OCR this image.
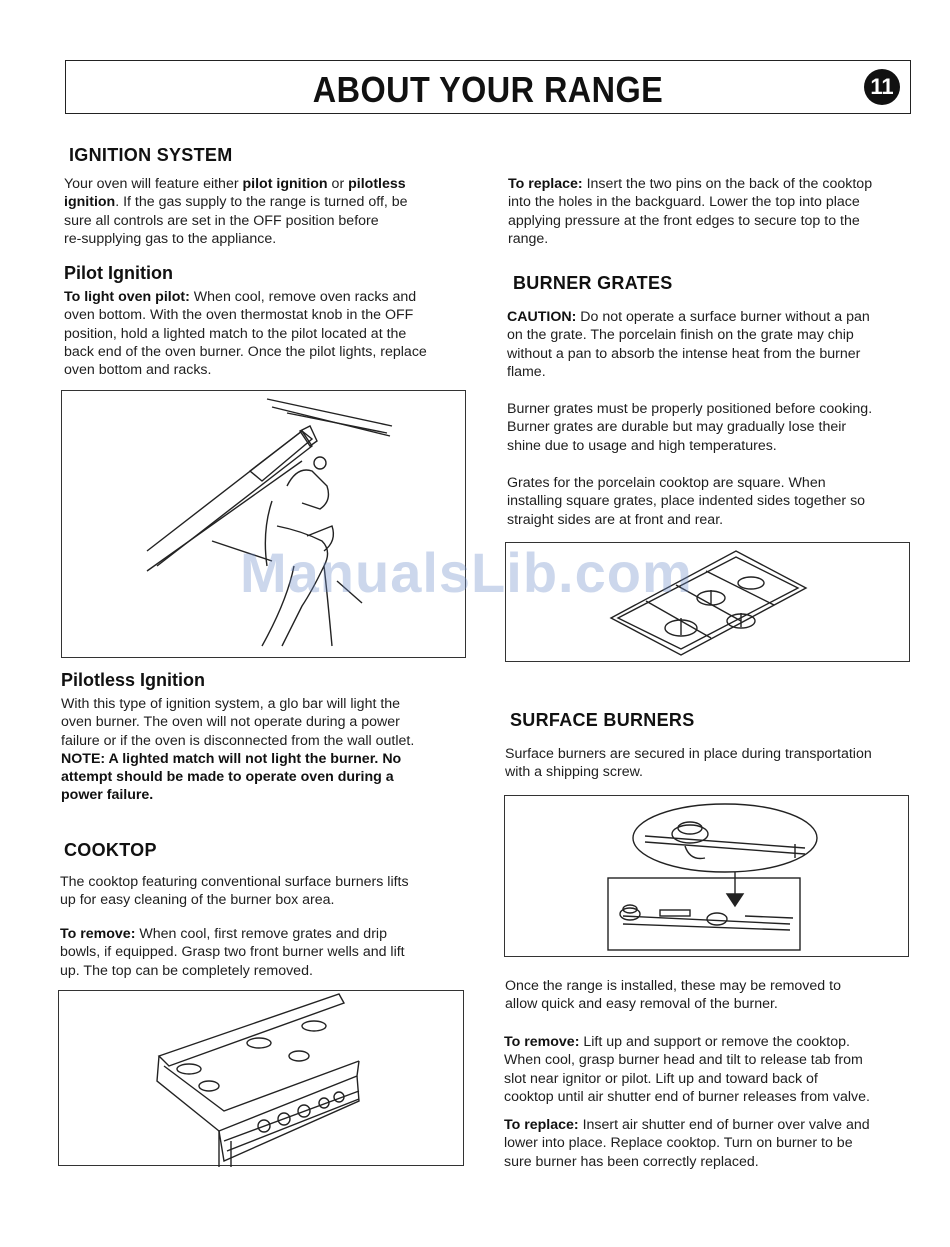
ABOUT YOUR RANGE	11
IGNITION SYSTEM
Your oven will feature either pilot ignition or pilotless
ignition. If the gas supply to the range is turned off, be
sure all controls are set in the OFF position before
re-supplying gas to the appliance.
Pilot Ignition
To light oven pilot: When cool, remove oven racks and
oven bottom. With the oven thermostat knob in the OFF
position, hold a lighted match to the pilot located at the
back end of the oven burner. Once the pilot lights, replace
oven bottom and racks.
Pilotless Ignition
With this type of ignition system, a glo bar will light the
oven burner. The oven will not operate during a power
failure or if the oven is disconnected from the wall outlet.
NOTE: A lighted match will not light the burner. No
attempt should be made to operate oven during a
power failure.
COOKTOP
The cooktop featuring conventional surface burners lifts
up for easy cleaning of the burner box area.
To remove: When cool, first remove grates and drip
bowls, if equipped. Grasp two front burner wells and lift
up. The top can be completely removed.
To replace: Insert the two pins on the back of the cooktop
into the holes in the backguard. Lower the top into place
applying pressure at the front edges to secure top to the
range.
BURNER GRATES
CAUTION: Do not operate a surface burner without a pan
on the grate. The porcelain finish on the grate may chip
without a pan to absorb the intense heat from the burner
flame.
Burner grates must be properly positioned before cooking.
Burner grates are durable but may gradually lose their
shine due to usage and high temperatures.
Grates for the porcelain cooktop are square. When
installing square grates, place indented sides together so
straight sides are at front and rear.
SURFACE BURNERS
Surface burners are secured in place during transportation
with a shipping screw.
Once the range is installed, these may be removed to
allow quick and easy removal of the burner.
To remove: Lift up and support or remove the cooktop.
When cool, grasp burner head and tilt to release tab from
slot near ignitor or pilot. Lift up and toward back of
cooktop until air shutter end of burner releases from valve.
To replace: Insert air shutter end of burner over valve and
lower into place. Replace cooktop. Turn on burner to be
sure burner has been correctly replaced.
ManualsLib.com
